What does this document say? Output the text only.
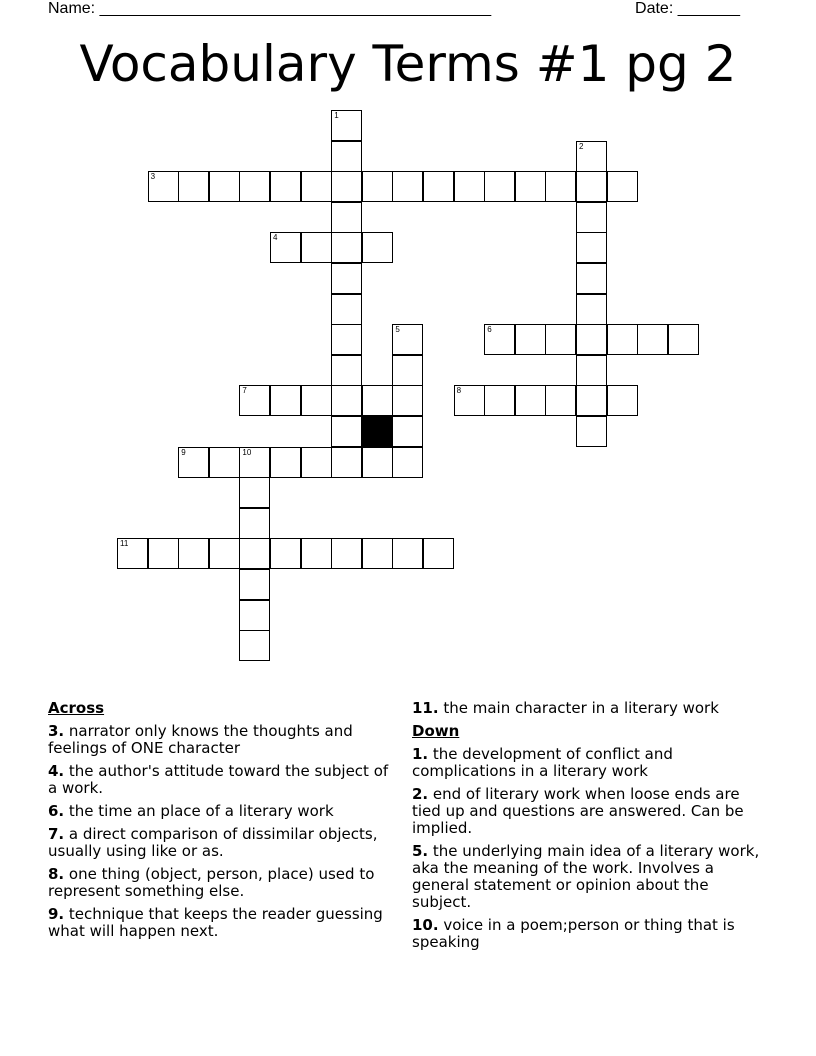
Name: ____________________________________________	Date: _______
Vocabulary Terms #1 pg 2
3
4
6
7	8
9	10
11
1
2
5
Across
3. narrator only knows the thoughts and feelings of ONE character
4. the author's attitude toward the subject of a work.
6. the time an place of a literary work
7. a direct comparison of dissimilar objects, usually using like or as.
8. one thing (object, person, place) used to represent something else.
9. technique that keeps the reader guessing what will happen next.
11. the main character in a literary work
Down
1. the development of conflict and complications in a literary work
2. end of literary work when loose ends are tied up and questions are answered. Can be implied.
5. the underlying main idea of a literary work, aka the meaning of the work. Involves a general statement or opinion about the subject.
10. voice in a poem;person or thing that is speaking
